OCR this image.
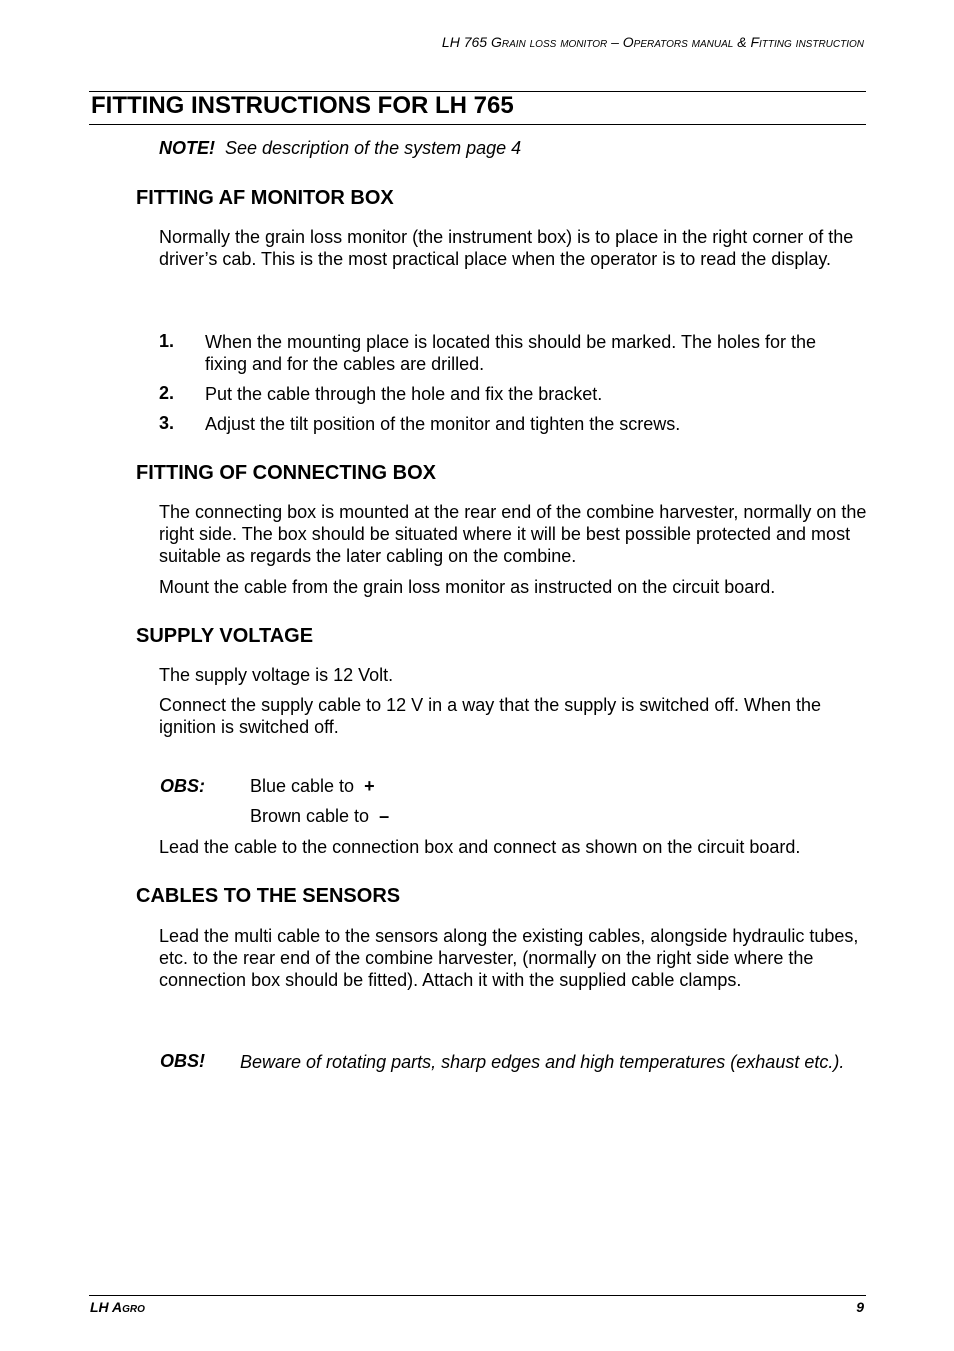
LH 765 Grain loss monitor – Operators manual & Fitting instruction
FITTING INSTRUCTIONS FOR LH 765
NOTE! See description of the system page 4
FITTING AF MONITOR BOX
Normally the grain loss monitor (the instrument box) is to place in the right corner of the driver’s cab. This is the most practical place when the operator is to read the display.
1. When the mounting place is located this should be marked. The holes for the fixing and for the cables are drilled.
2. Put the cable through the hole and fix the bracket.
3. Adjust the tilt position of the monitor and tighten the screws.
FITTING OF CONNECTING BOX
The connecting box is mounted at the rear end of the combine harvester, normally on the right side. The box should be situated where it will be best possible protected and most suitable as regards the later cabling on the combine.
Mount the cable from the grain loss monitor as instructed on the circuit board.
SUPPLY VOLTAGE
The supply voltage is 12 Volt.
Connect the supply cable to 12 V in a way that the supply is switched off. When the ignition is switched off.
OBS:	Blue cable to +
Brown cable to –
Lead the cable to the connection box and connect as shown on the circuit board.
CABLES TO THE SENSORS
Lead the multi cable to the sensors along the existing cables, alongside hydraulic tubes, etc. to the rear end of the combine harvester, (normally on the right side where the connection box should be fitted). Attach it with the supplied cable clamps.
OBS! Beware of rotating parts, sharp edges and high temperatures (exhaust etc.).
LH Agro	9
